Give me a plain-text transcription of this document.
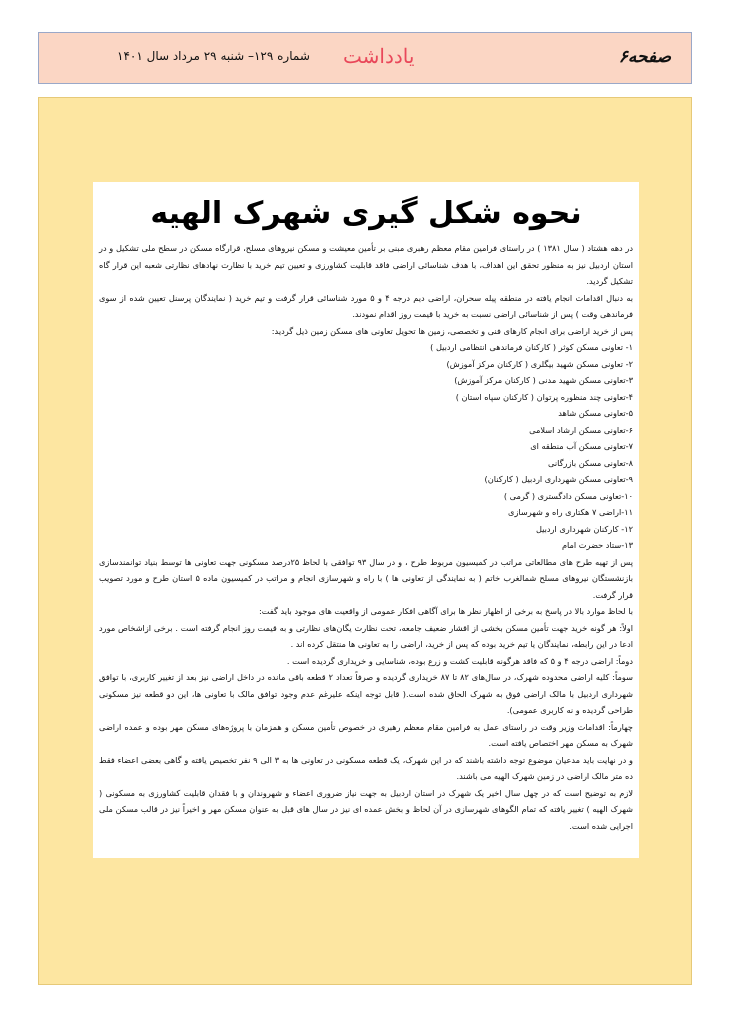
صفحه۶
یادداشت
شماره ۱۲۹– شنبه ۲۹ مرداد سال ۱۴۰۱
نحوه شکل گیری شهرک الهیه

در دهه هشتاد ( سال ۱۳۸۱ ) در راستای فرامین مقام معظم رهبری مبنی بر تأمین معیشت و مسکن نیروهای مسلح، قرارگاه مسکن در سطح ملی تشکیل و در استان اردبیل نیز به منظور تحقق این اهداف، با هدف شناسائی اراضی فاقد قابلیت کشاورزی و تعیین تیم خرید با نظارت نهادهای نظارتی شعبه این قرار گاه تشکیل گردید.

به دنبال اقدامات انجام یافته در منطقه پیله سحران، اراضی دیم درجه ۴ و ۵ مورد شناسائی قرار گرفت و تیم خرید ( نمایندگان پرسنل تعیین شده از سوی فرماندهی وقت ) پس از شناسائی اراضی نسبت به خرید با قیمت روز اقدام نمودند.

پس از خرید اراضی برای انجام کارهای فنی و تخصصی، زمین ها تحویل تعاونی های مسکن زمین ذیل گردید:

۱- تعاونی مسکن کوثر ( کارکنان فرماندهی انتظامی اردبیل )
۲- تعاونی مسکن شهید بیگلری ( کارکنان مرکز آموزش)
۳-تعاونی مسکن شهید مدنی ( کارکنان مرکز آموزش)
۴-تعاونی چند منظوره پرتوان ( کارکنان سپاه استان )
۵-تعاونی مسکن شاهد
۶-تعاونی مسکن ارشاد اسلامی
۷-تعاونی مسکن آب منطقه ای
۸-تعاونی مسکن بازرگانی
۹-تعاونی مسکن شهرداری اردبیل ( کارکنان)
۱۰-تعاونی مسکن دادگستری ( گرمی )
۱۱-اراضی ۷ هکتاری راه و شهرسازی
۱۲- کارکنان شهرداری اردبیل
۱۳-ستاد حضرت امام

پس از تهیه طرح های مطالعاتی مراتب در کمیسیون مربوط طرح ، و در سال ۹۳ توافقی با لحاظ ۲۵درصد مسکونی جهت تعاونی ها توسط بنیاد توانمندسازی بازنشستگان نیروهای مسلح شمالغرب خاتم ( به نمایندگی از تعاونی ها ) با راه و شهرسازی انجام و مراتب در کمیسیون ماده ۵ استان طرح و مورد تصویب قرار گرفت.

با لحاظ موارد بالا در پاسخ به برخی از اظهار نظر ها برای آگاهی افکار عمومی از واقعیت های موجود باید گفت:

اولاً: هر گونه خرید جهت تأمین مسکن بخشی از اقشار ضعیف جامعه، تحت نظارت یگان‌های نظارتی و به قیمت روز انجام گرفته است . برخی ازاشخاص مورد ادعا در این رابطه، نمایندگان یا تیم خرید بوده که پس از خرید، اراضی را به تعاونی ها منتقل کرده اند .

دوماً: اراضی درجه ۴ و ۵ که فاقد هرگونه قابلیت کشت و زرع بوده، شناسایی و خریداری گردیده است .

سوماً: کلیه اراضی محدوده شهرک، در سال‌های ۸۲ تا ۸۷ خریداری گردیده و صرفاً تعداد ۲ قطعه باقی مانده در داخل اراضی نیز بعد از تغییر کاربری، با توافق شهرداری اردبیل با مالک اراضی فوق به شهرک الحاق شده است.( قابل توجه اینکه علیرغم عدم وجود توافق مالک با تعاونی ها، این دو قطعه نیز مسکونی طراحی گردیده و نه کاربری عمومی).

چهارماً: اقدامات وزیر وقت در راستای عمل به فرامین مقام معظم رهبری در خصوص تأمین مسکن و همزمان با پروژه‌های مسکن مهر بوده و عمده اراضی شهرک به مسکن مهر اختصاص یافته است.

و در نهایت باید مدعیان موضوع توجه داشته باشند که در این شهرک، یک قطعه مسکونی در تعاونی ها به ۳ الی ۹ نفر تخصیص یافته و گاهی بعضی اعضاء فقط ده متر مالک اراضی در زمین شهرک الهیه می باشند.

لازم به توضیح است که در چهل سال اخیر یک شهرک در استان اردبیل به جهت نیاز ضروری اعضاء و شهروندان و با فقدان قابلیت کشاورزی به مسکونی ( شهرک الهیه ) تغییر یافته که تمام الگوهای شهرسازی در آن لحاظ و بخش عمده ای نیز در سال های قبل به عنوان مسکن مهر و اخیراً نیز در قالب مسکن ملی اجرایی شده است.
